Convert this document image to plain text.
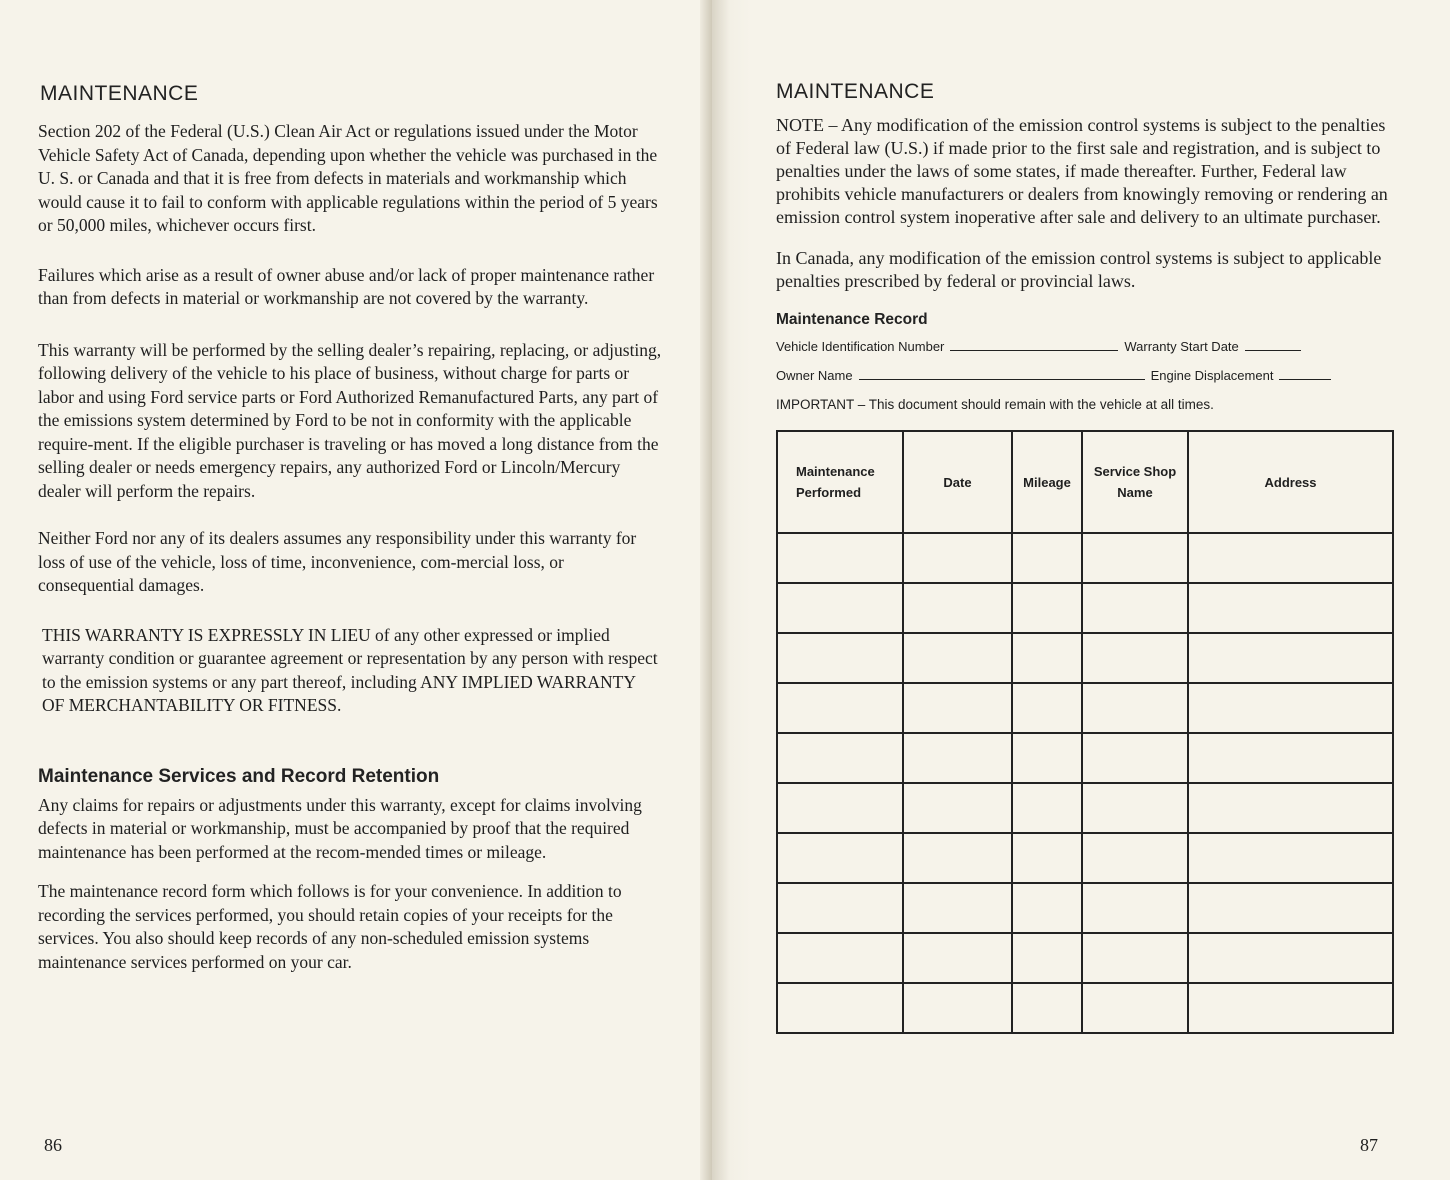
MAINTENANCE

Section 202 of the Federal (U.S.) Clean Air Act or regulations issued under the Motor Vehicle Safety Act of Canada, depending upon whether the vehicle was purchased in the U. S. or Canada and that it is free from defects in materials and workmanship which would cause it to fail to conform with applicable regulations within the period of 5 years or 50,000 miles, whichever occurs first.

Failures which arise as a result of owner abuse and/or lack of proper maintenance rather than from defects in material or workmanship are not covered by the warranty.

This warranty will be performed by the selling dealer’s repairing, replacing, or adjusting, following delivery of the vehicle to his place of business, without charge for parts or labor and using Ford service parts or Ford Authorized Remanufactured Parts, any part of the emissions system determined by Ford to be not in conformity with the applicable require-ment. If the eligible purchaser is traveling or has moved a long distance from the selling dealer or needs emergency repairs, any authorized Ford or Lincoln/Mercury dealer will perform the repairs.

Neither Ford nor any of its dealers assumes any responsibility under this warranty for loss of use of the vehicle, loss of time, inconvenience, com-mercial loss, or consequential damages.

THIS WARRANTY IS EXPRESSLY IN LIEU of any other expressed or implied warranty condition or guarantee agreement or representation by any person with respect to the emission systems or any part thereof, including ANY IMPLIED WARRANTY OF MERCHANTABILITY OR FITNESS.

Maintenance Services and Record Retention

Any claims for repairs or adjustments under this warranty, except for claims involving defects in material or workmanship, must be accompanied by proof that the required maintenance has been performed at the recom-mended times or mileage.

The maintenance record form which follows is for your convenience. In addition to recording the services performed, you should retain copies of your receipts for the services. You also should keep records of any non-scheduled emission systems maintenance services performed on your car.

86
MAINTENANCE

NOTE – Any modification of the emission control systems is subject to the penalties of Federal law (U.S.) if made prior to the first sale and registration, and is subject to penalties under the laws of some states, if made thereafter. Further, Federal law prohibits vehicle manufacturers or dealers from knowingly removing or rendering an emission control system inoperative after sale and delivery to an ultimate purchaser.

In Canada, any modification of the emission control systems is subject to applicable penalties prescribed by federal or provincial laws.

Maintenance Record
Vehicle Identification Number	Warranty Start Date
Owner Name	Engine Displacement
IMPORTANT – This document should remain with the vehicle at all times.
Maintenance Performed	Date	Mileage	Service Shop Name	Address

87
